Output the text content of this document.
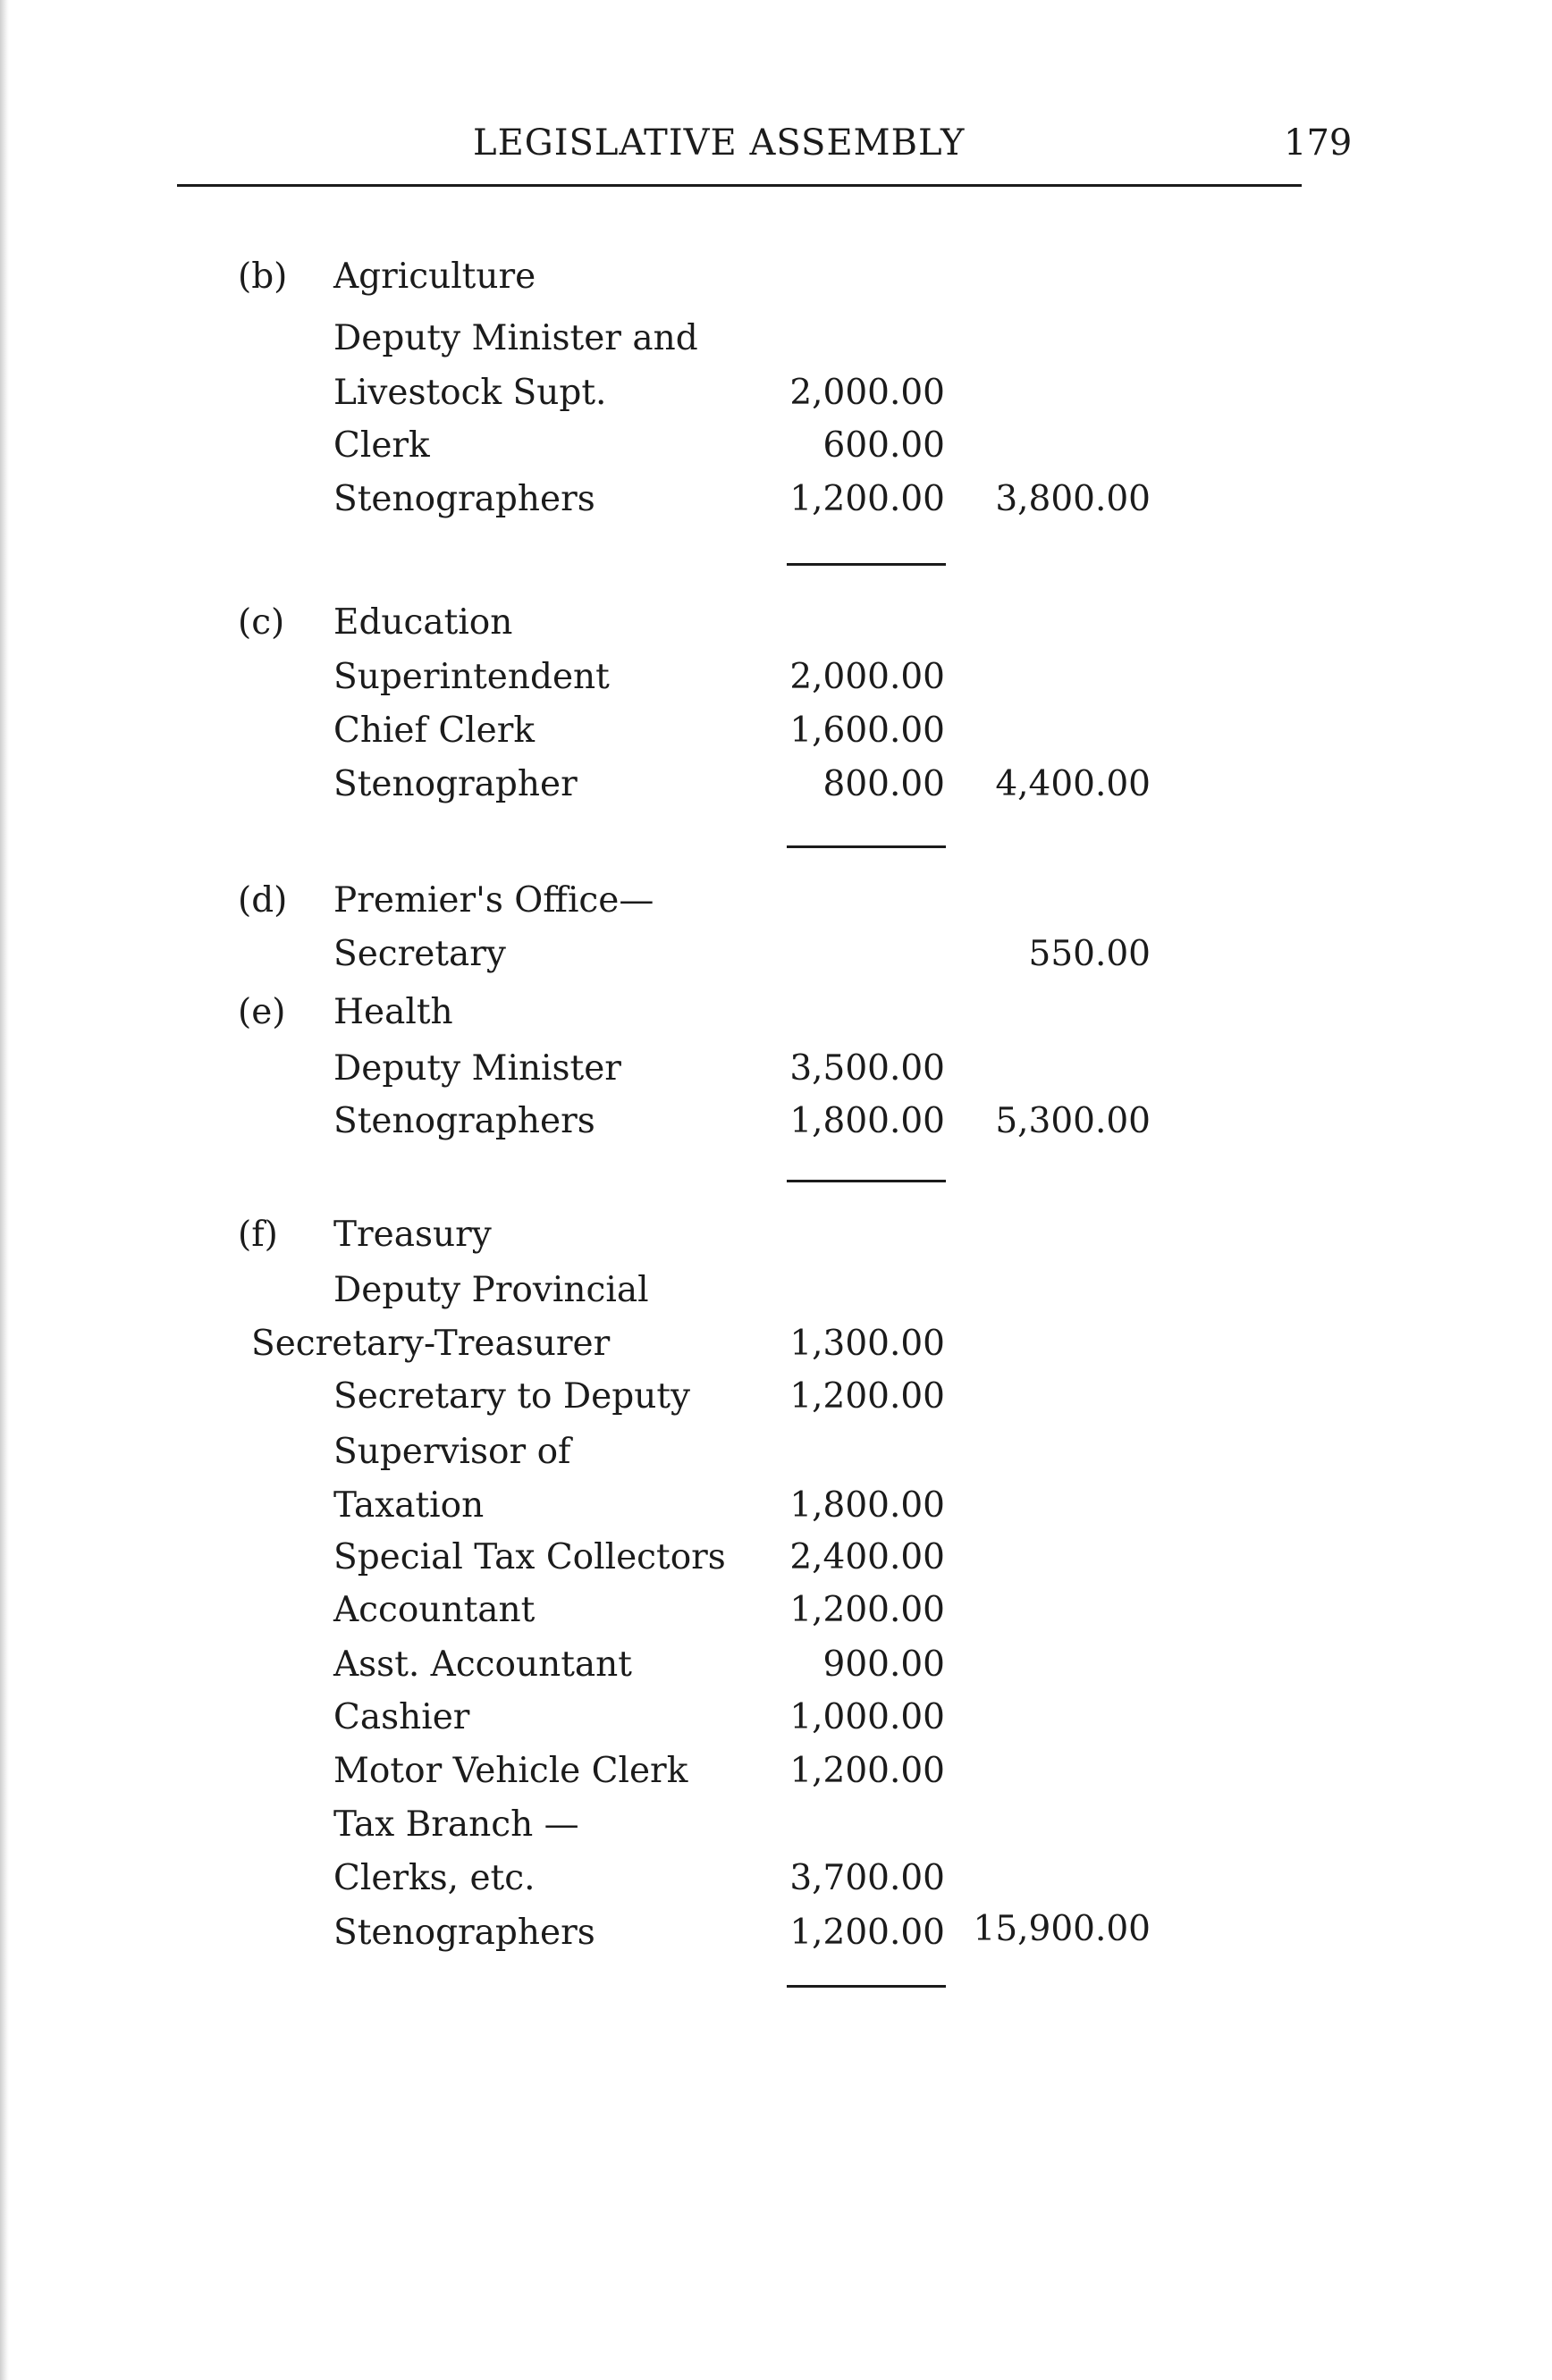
LEGISLATIVE ASSEMBLY	179
(b) Agriculture
Deputy Minister and
Livestock Supt.	2,000.00
Clerk	600.00
Stenographers	1,200.00 3,800.00
(c) Education
Superintendent	2,000.00
Chief Clerk	1,600.00
Stenographer	800.00 4,400.00
(d) Premier's Office—
Secretary	550.00
(e) Health
Deputy Minister	3,500.00
Stenographers	1,800.00 5,300.00
(f) Treasury
Deputy Provincial
Secretary-Treasurer	1,300.00
Secretary to Deputy	1,200.00
Supervisor of
Taxation	1,800.00
Special Tax Collectors 2,400.00
Accountant	1,200.00
Asst. Accountant	900.00
Cashier	1,000.00
Motor Vehicle Clerk	1,200.00
Tax Branch —
Clerks, etc.	3,700.00
Stenographers	1,200.00 15,900.00
